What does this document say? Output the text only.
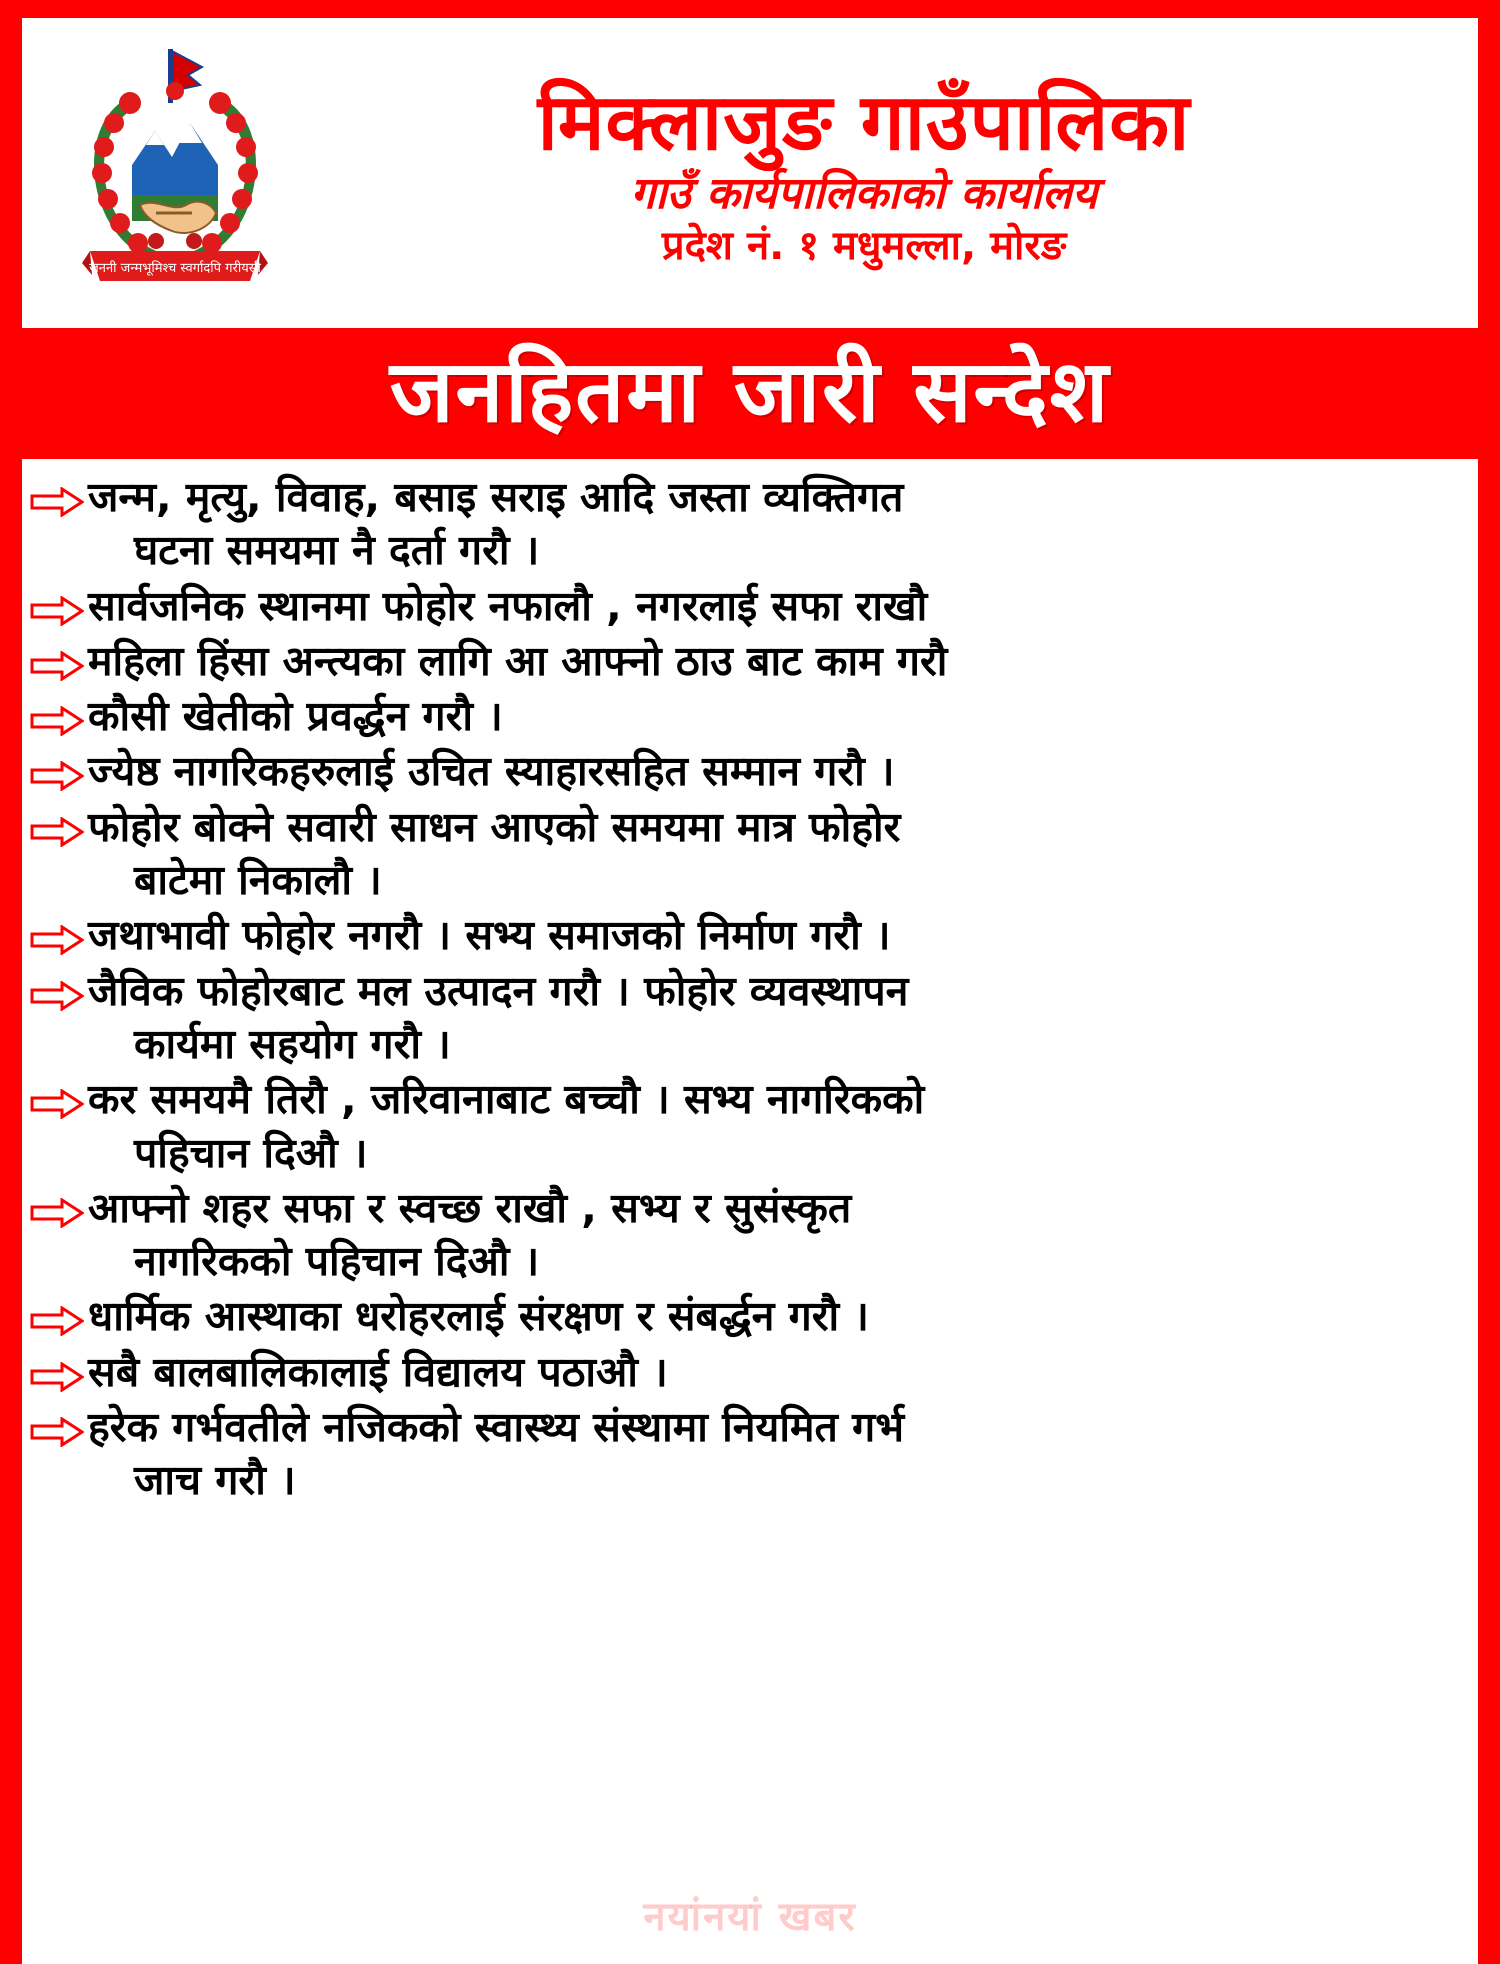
जननी जन्मभूमिश्च स्वर्गादपि गरीयसी
मिक्लाजुङ गाउँपालिका
गाउँ कार्यपालिकाको कार्यालय
प्रदेश नं. १ मधुमल्ला, मोरङ
जनहितमा जारी सन्देश
जन्म, मृत्यु, विवाह, बसाइ सराइ आदि जस्ता व्यक्तिगत
घटना समयमा नै दर्ता गरौ ।
सार्वजनिक स्थानमा फोहोर नफालौ , नगरलाई सफा राखौ
महिला हिंसा अन्त्यका लागि आ आफ्नो ठाउ बाट काम गरौ
कौसी खेतीको प्रवर्द्धन गरौ ।
ज्येष्ठ नागरिकहरुलाई उचित स्याहारसहित सम्मान गरौ ।
फोहोर बोक्ने सवारी साधन आएको समयमा मात्र फोहोर
बाटेमा निकालौ ।
जथाभावी फोहोर नगरौ । सभ्य समाजको निर्माण गरौ ।
जैविक फोहोरबाट मल उत्पादन गरौ । फोहोर व्यवस्थापन
कार्यमा सहयोग गरौ ।
कर समयमै तिरौ , जरिवानाबाट बच्चौ । सभ्य नागरिकको
पहिचान दिऔ ।
आफ्नो शहर सफा र स्वच्छ राखौ , सभ्य र सुसंस्कृत
नागरिकको पहिचान दिऔ ।
धार्मिक आस्थाका धरोहरलाई संरक्षण र संबर्द्धन गरौ ।
सबै बालबालिकालाई विद्यालय पठाऔ ।
हरेक गर्भवतीले नजिकको स्वास्थ्य संस्थामा नियमित गर्भ
जाच गरौ ।
नयांनयां खबर
